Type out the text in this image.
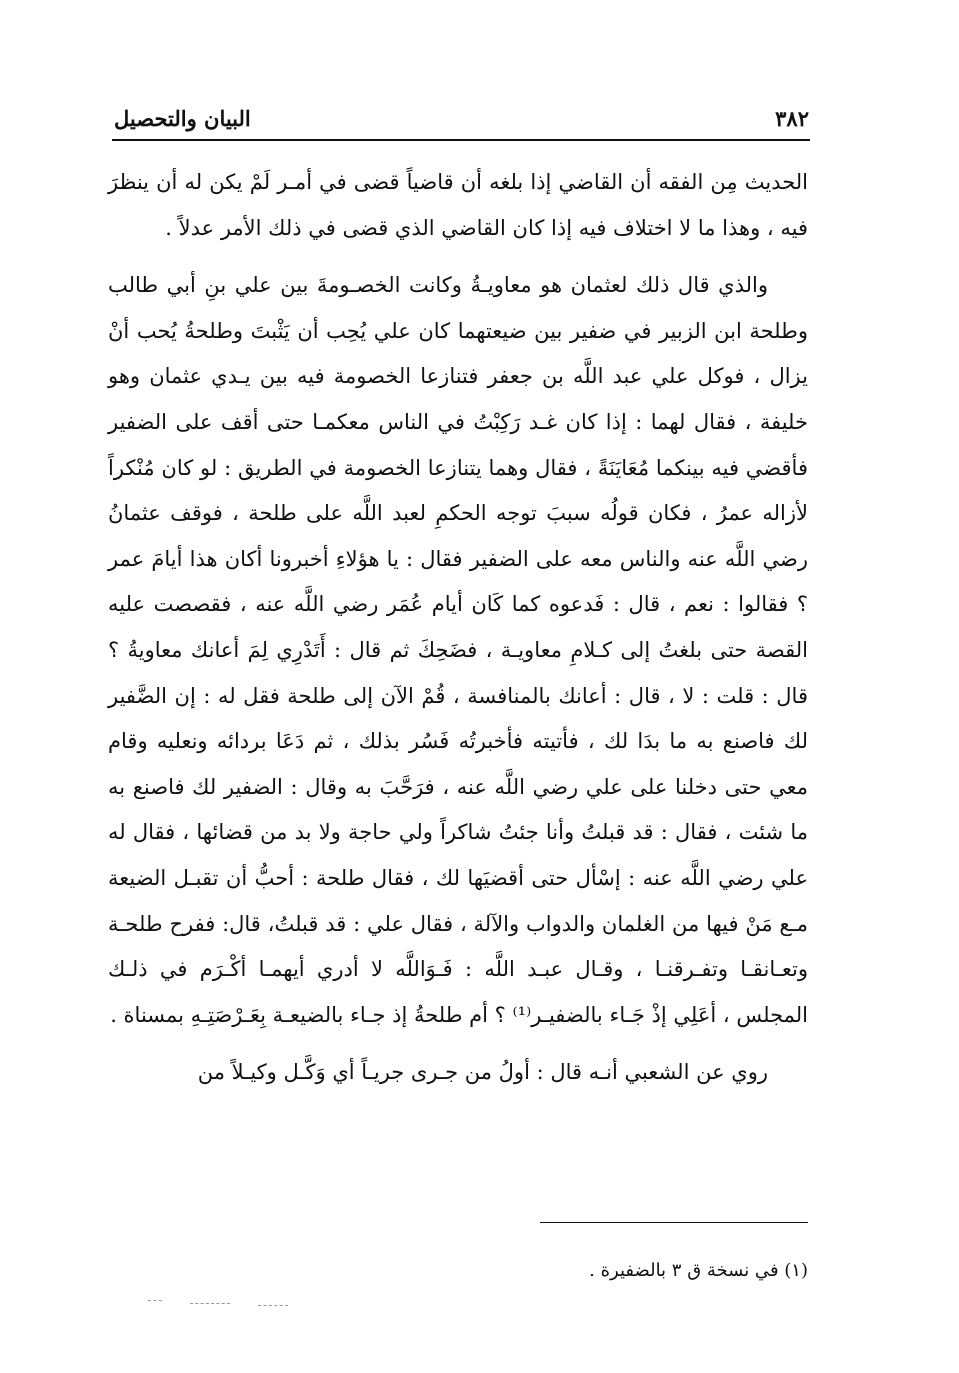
٣٨٢
البيان والتحصيل

الحديث مِن الفقه أن القاضي إذا بلغه أن قاضياً قضى في أمـر لَمْ يكن له أن ينظرَ فيه ، وهذا ما لا اختلاف فيه إذا كان القاضي الذي قضى في ذلك الأمر عدلاً .

والذي قال ذلك لعثمان هو معاويـةُ وكانت الخصـومةَ بين علي بنِ أبي طالب وطلحة ابن الزبير في ضفير بين ضيعتهما كان علي يُحِب أن يَثْبتَ وطلحةُ يُحب أنْ يزال ، فوكل علي عبد اللَّه بن جعفر فتنازعا الخصومة فيه بين يـدي عثمان وهو خليفة ، فقال لهما : إذا كان غـد رَكِبْتُ في الناس معكمـا حتى أقف على الضفير فأقضي فيه بينكما مُعَايَنَةً ، فقال وهما يتنازعا الخصومة في الطريق : لو كان مُنْكراً لأزاله عمرُ ، فكان قولُه سببَ توجه الحكمِ لعبد اللَّه على طلحة ، فوقف عثمانُ رضي اللَّه عنه والناس معه على الضفير فقال : يا هؤلاءِ أخبرونا أكان هذا أيامَ عمر ؟ فقالوا : نعم ، قال : فَدعوه كما كَان أيام عُمَر رضي اللَّه عنه ، فقصصت عليه القصة حتى بلغتُ إلى كـلامِ معاويـة ، فضَحِكَ ثم قال : أَتَدْرِي لِمَ أعانك معاويةُ ؟ قال : قلت : لا ، قال : أعانك بالمنافسة ، قُمْ الآن إلى طلحة فقل له : إن الضَّفير لك فاصنع به ما بدَا لك ، فأتيته فأخبرتُه فَسُر بذلك ، ثم دَعَا بردائه ونعليه وقام معي حتى دخلنا على علي رضي اللَّه عنه ، فرَحَّبَ به وقال : الضفير لك فاصنع به ما شئت ، فقال : قد قبلتُ وأنا جئتُ شاكراً ولي حاجة ولا بد من قضائها ، فقال له علي رضي اللَّه عنه : إسْأل حتى أقضيَها لك ، فقال طلحة : أحبُّ أن تقبـل الضيعة مـع مَنْ فيها من الغلمان والدواب والآلة ، فقال علي : قد قبلتُ، قال: ففرح طلحـة وتعـانقـا وتفـرقنـا ، وقـال عبـد اللَّه : فَـوَاللَّه لا أدري أيهمـا أكْـرَم في ذلـك المجلس ، أعَلِي إذْ جَـاء بالضفيـر⁽¹⁾ ؟ أم طلحةُ إذ جـاء بالضيعـة بِعَـرْصَتِـهِ بمسناة .

روي عن الشعبي أنـه قال : أولُ من جـرى جريـاً أي وَكَّـل وكيـلاً من

(١) في نسخة ق ٣ بالضفيرة .
